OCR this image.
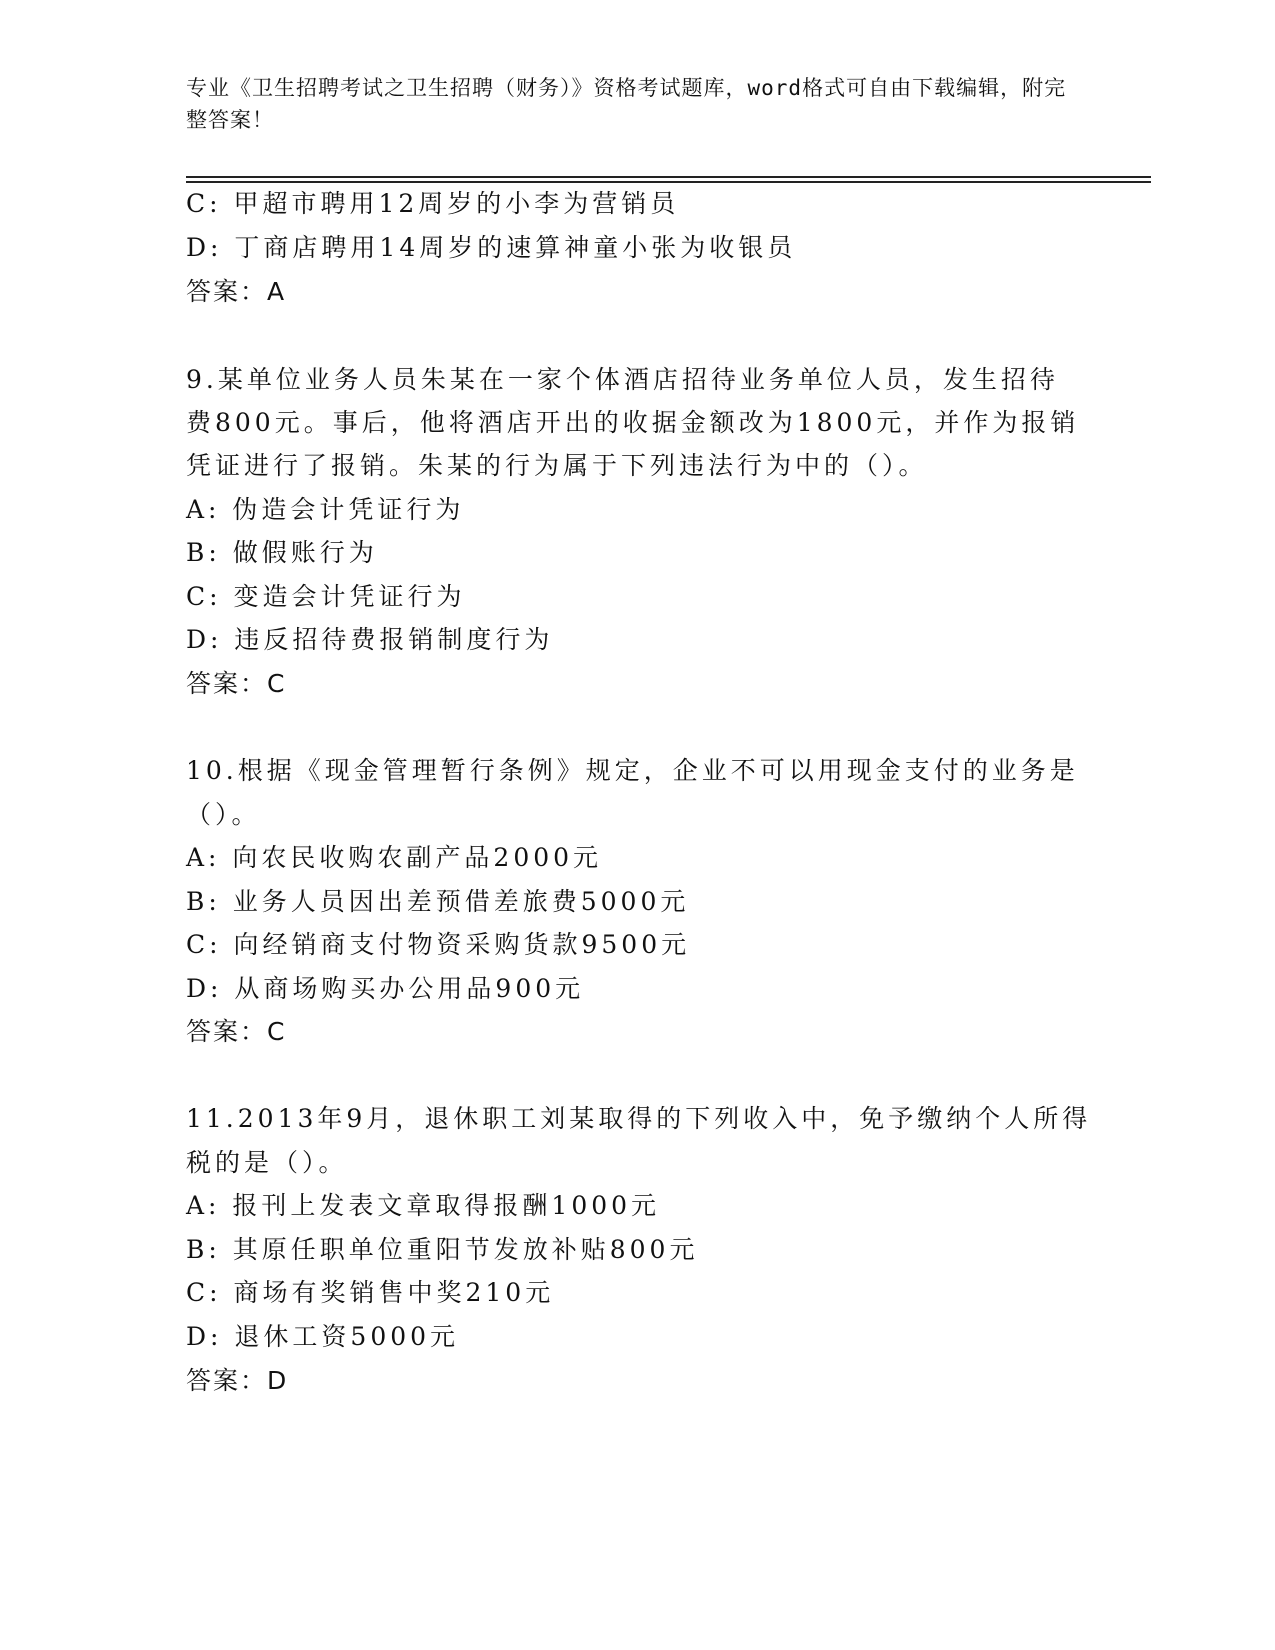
专业《卫生招聘考试之卫生招聘（财务）》资格考试题库，word格式可自由下载编辑，附完整答案！
C: 甲超市聘用12周岁的小李为营销员
D: 丁商店聘用14周岁的速算神童小张为收银员
答案：A
9.某单位业务人员朱某在一家个体酒店招待业务单位人员，发生招待
费800元。事后，他将酒店开出的收据金额改为1800元，并作为报销
凭证进行了报销。朱某的行为属于下列违法行为中的（）。
A: 伪造会计凭证行为
B: 做假账行为
C: 变造会计凭证行为
D: 违反招待费报销制度行为
答案：C
10.根据《现金管理暂行条例》规定，企业不可以用现金支付的业务是
（）。
A: 向农民收购农副产品2000元
B: 业务人员因出差预借差旅费5000元
C: 向经销商支付物资采购货款9500元
D: 从商场购买办公用品900元
答案：C
11.2013年9月，退休职工刘某取得的下列收入中，免予缴纳个人所得
税的是（）。
A: 报刊上发表文章取得报酬1000元
B: 其原任职单位重阳节发放补贴800元
C: 商场有奖销售中奖210元
D: 退休工资5000元
答案：D
